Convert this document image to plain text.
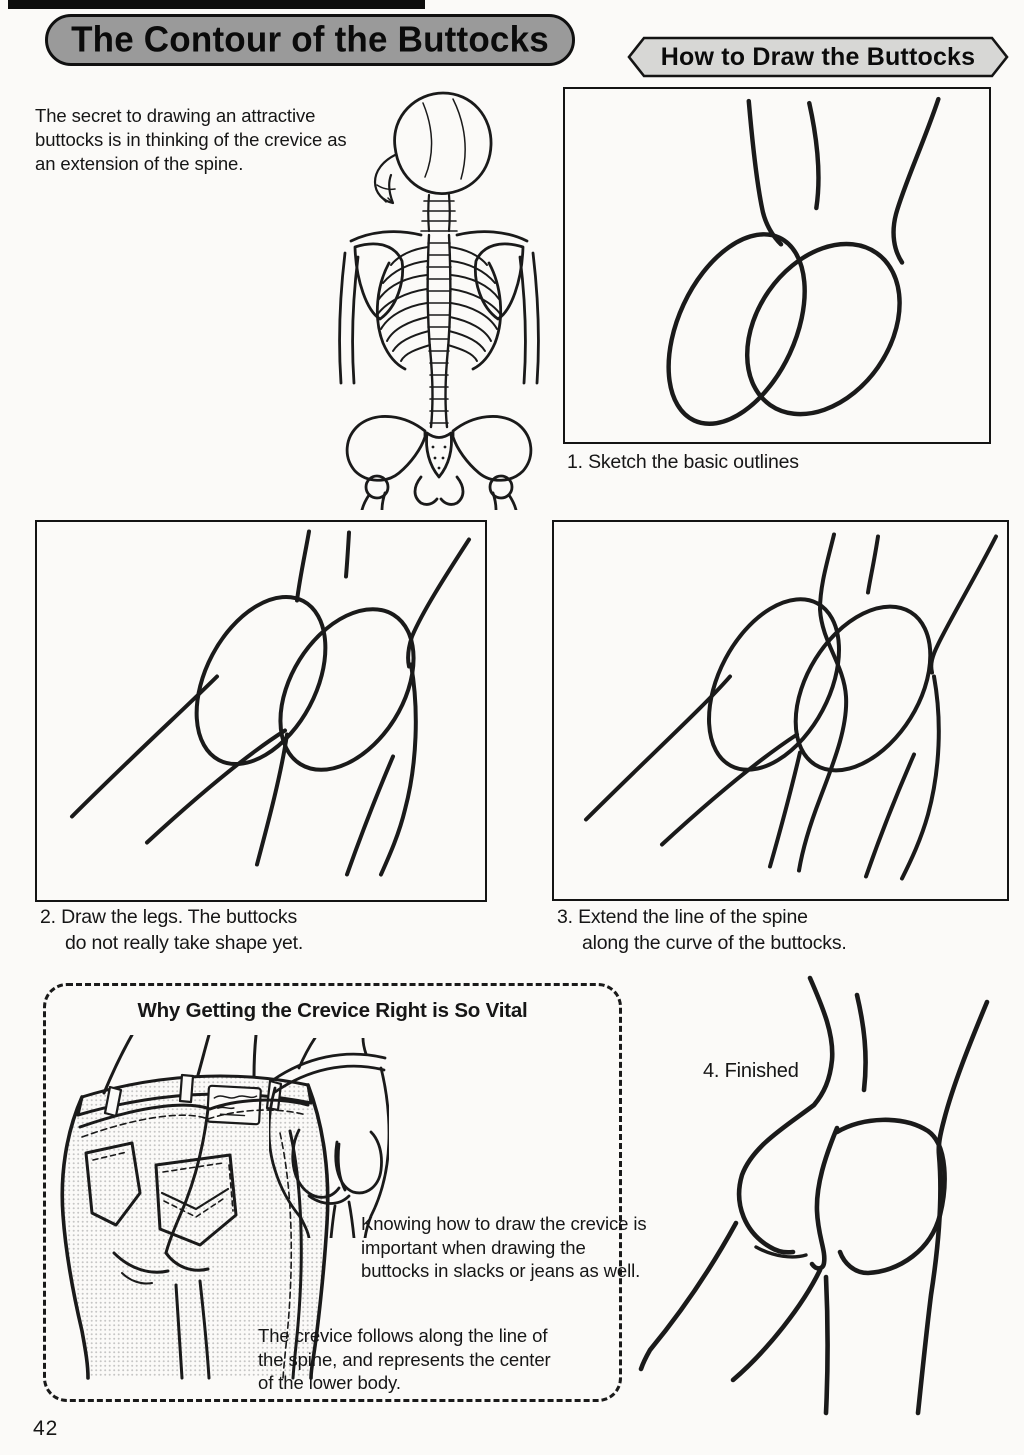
The Contour of the Buttocks	How to Draw the Buttocks

The secret to drawing an attractive buttocks is in thinking of the crevice as an extension of the spine.

1. Sketch the basic outlines
2. Draw the legs. The buttocks
do not really take shape yet.
3. Extend the line of the spine
along the curve of the buttocks.
Why Getting the Crevice Right is So Vital
Knowing how to draw the crevice is important when drawing the buttocks in slacks or jeans as well.
The crevice follows along the line of the spine, and represents the center of the lower body.
4. Finished
42
